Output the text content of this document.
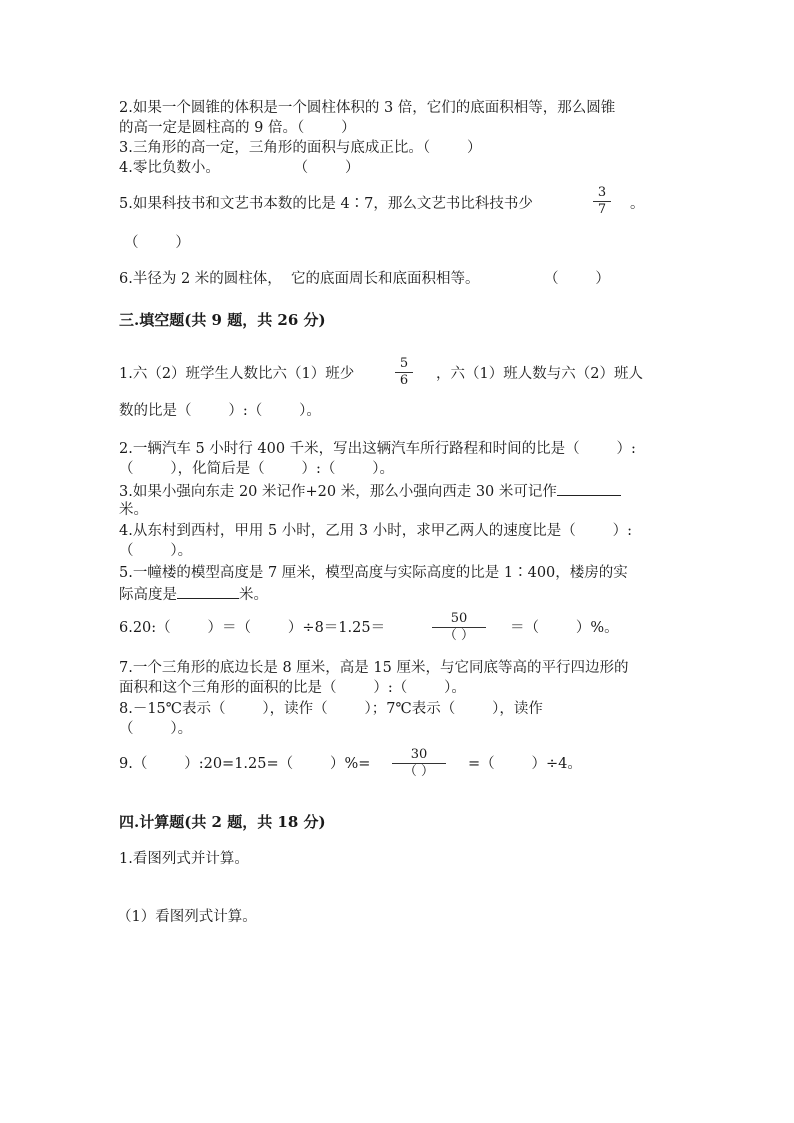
2.如果一个圆锥的体积是一个圆柱体积的 3 倍，它们的底面积相等，那么圆锥
的高一定是圆柱高的 9 倍。（        ）
3.三角形的高一定，三角形的面积与底成正比。（        ）
4.零比负数小。                （        ）
5.如果科技书和文艺书本数的比是 4∶7，那么文艺书比科技书少
3
7	。
（        ）
6.半径为 2 米的圆柱体，  它的底面周长和底面积相等。              （        ）
三.填空题(共 9 题，共 26 分)
1.六（2）班学生人数比六（1）班少
5
6	，六（1）班人数与六（2）班人
数的比是（        ）:（        ）。
2.一辆汽车 5 小时行 400 千米，写出这辆汽车所行路程和时间的比是（        ）:
（        ），化简后是（        ）:（        ）。
3.如果小强向东走 20 米记作+20 米，那么小强向西走 30 米可记作
米。
4.从东村到西村，甲用 5 小时，乙用 3 小时，求甲乙两人的速度比是（        ）:
（        ）。
5.一幢楼的模型高度是 7 厘米，模型高度与实际高度的比是 1∶400，楼房的实
际高度是	米。
6.20:（        ）＝（        ）÷8＝1.25＝
50
（ ）	＝（        ）%。
7.一个三角形的底边长是 8 厘米，高是 15 厘米，与它同底等高的平行四边形的
面积和这个三角形的面积的比是（        ）:（        ）。
8.－15℃表示（        ），读作（        ）；7℃表示（        ），读作
（        ）。
9.（        ）:20=1.25=（        ）%=
30
（ ）	=（        ）÷4。
四.计算题(共 2 题，共 18 分)
1.看图列式并计算。
（1）看图列式计算。
